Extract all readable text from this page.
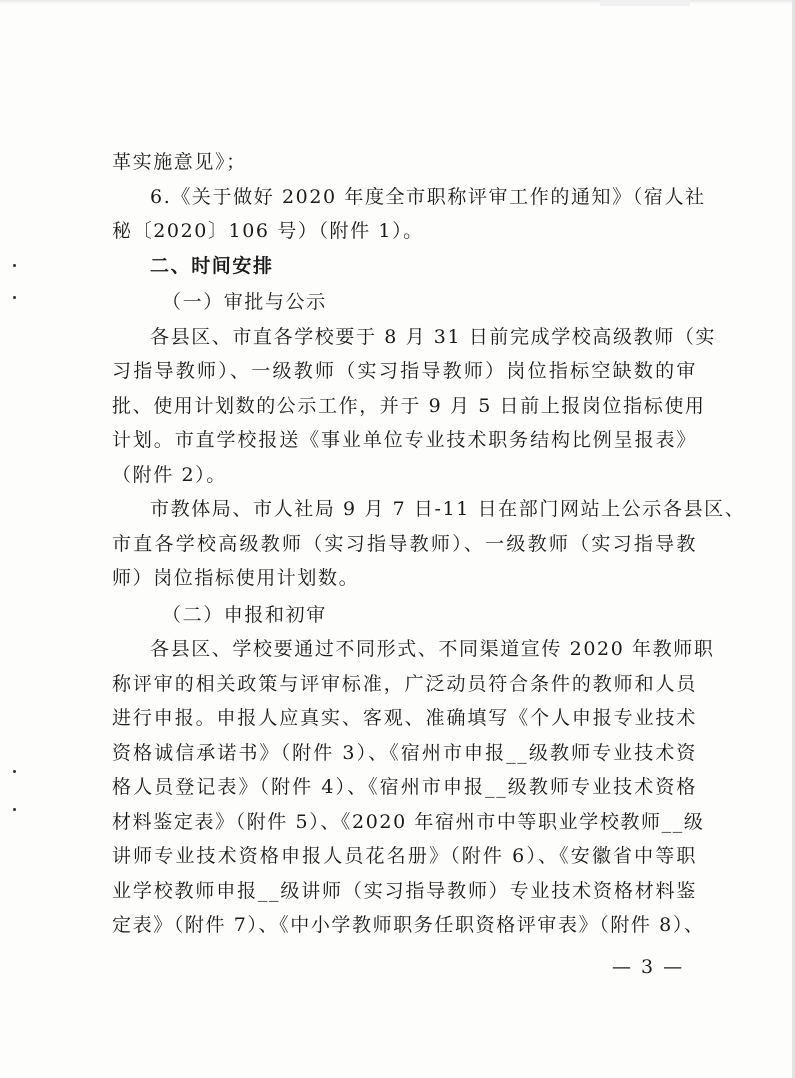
革实施意见》；
6.《关于做好 2020 年度全市职称评审工作的通知》（宿人社
秘〔2020〕106 号）（附件 1）。
二、时间安排
（一）审批与公示
各县区、市直各学校要于 8 月 31 日前完成学校高级教师（实
习指导教师）、一级教师（实习指导教师）岗位指标空缺数的审
批、使用计划数的公示工作，并于 9 月 5 日前上报岗位指标使用
计划。市直学校报送《事业单位专业技术职务结构比例呈报表》
（附件 2）。
市教体局、市人社局 9 月 7 日-11 日在部门网站上公示各县区、
市直各学校高级教师（实习指导教师）、一级教师（实习指导教
师）岗位指标使用计划数。
（二）申报和初审
各县区、学校要通过不同形式、不同渠道宣传 2020 年教师职
称评审的相关政策与评审标准，广泛动员符合条件的教师和人员
进行申报。申报人应真实、客观、准确填写《个人申报专业技术
资格诚信承诺书》（附件 3）、《宿州市申报__级教师专业技术资
格人员登记表》（附件 4）、《宿州市申报__级教师专业技术资格
材料鉴定表》（附件 5）、《2020 年宿州市中等职业学校教师__级
讲师专业技术资格申报人员花名册》（附件 6）、《安徽省中等职
业学校教师申报__级讲师（实习指导教师）专业技术资格材料鉴
定表》（附件 7）、《中小学教师职务任职资格评审表》（附件 8）、
— 3 —
